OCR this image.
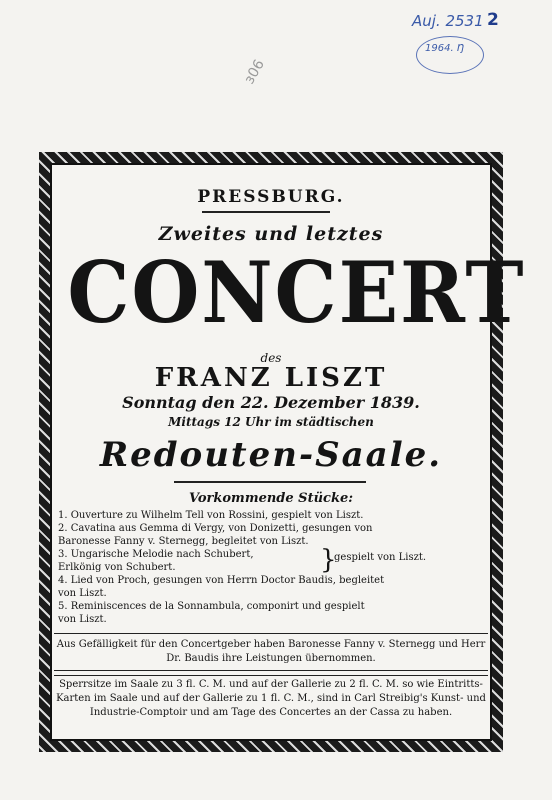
ɜ06
Auj. 2531 2
1964. Ŋ
PRESSBURG.
Zweites und letztes
CONCERT
des
FRANZ LISZT
Sonntag den 22. Dezember 1839.
Mittags 12 Uhr im städtischen
Redouten-Saale.
Vorkommende Stücke:
1. Ouverture zu Wilhelm Tell von Rossini, gespielt von Liszt.
2. Cavatina aus Gemma di Vergy, von Donizetti, gesungen von
Baronesse Fanny v. Sternegg, begleitet von Liszt.
3. Ungarische Melodie nach Schubert,
Erlkönig von Schubert.
4. Lied von Proch, gesungen von Herrn Doctor Baudis, begleitet
von Liszt.
5. Reminiscences de la Sonnambula, componirt und gespielt
von Liszt.
}
gespielt von Liszt.
Aus Gefälligkeit für den Concertgeber haben Baronesse Fanny v. Sternegg und Herr Dr. Baudis ihre Leistungen übernommen.
Sperrsitze im Saale zu 3 fl. C. M. und auf der Gallerie zu 2 fl. C. M. so wie Eintritts-Karten im Saale und auf der Gallerie zu 1 fl. C. M., sind in Carl Streibig's Kunst- und Industrie-Comptoir und am Tage des Concertes an der Cassa zu haben.
